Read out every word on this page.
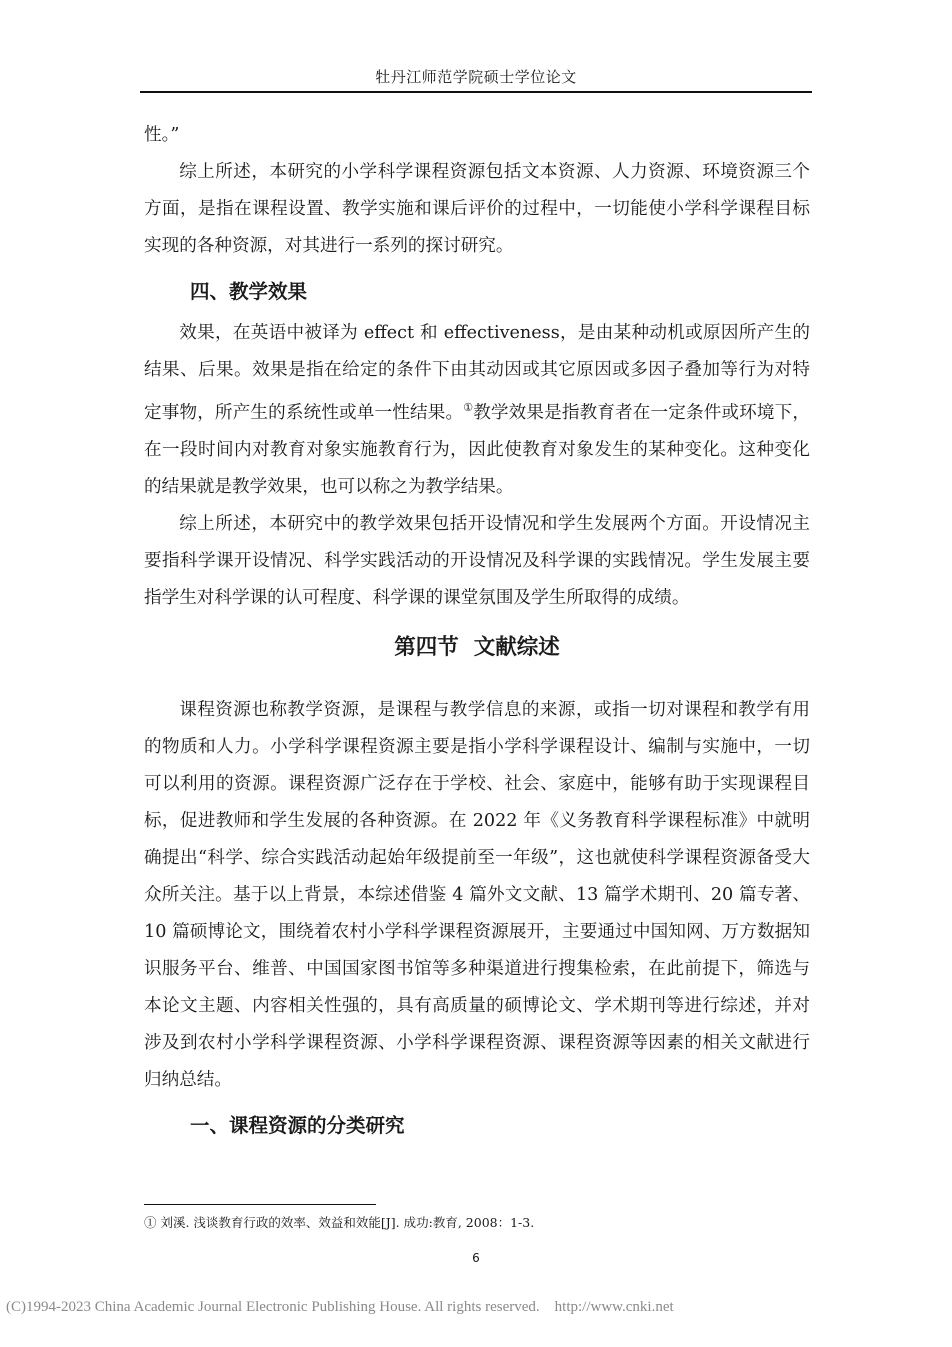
牡丹江师范学院硕士学位论文

性。”

综上所述，本研究的小学科学课程资源包括文本资源、人力资源、环境资源三个方面，是指在课程设置、教学实施和课后评价的过程中，一切能使小学科学课程目标实现的各种资源，对其进行一系列的探讨研究。

四、教学效果

效果，在英语中被译为 effect 和 effectiveness，是由某种动机或原因所产生的结果、后果。效果是指在给定的条件下由其动因或其它原因或多因子叠加等行为对特定事物，所产生的系统性或单一性结果。①教学效果是指教育者在一定条件或环境下，在一段时间内对教育对象实施教育行为，因此使教育对象发生的某种变化。这种变化的结果就是教学效果，也可以称之为教学结果。

综上所述，本研究中的教学效果包括开设情况和学生发展两个方面。开设情况主要指科学课开设情况、科学实践活动的开设情况及科学课的实践情况。学生发展主要指学生对科学课的认可程度、科学课的课堂氛围及学生所取得的成绩。

第四节  文献综述

课程资源也称教学资源，是课程与教学信息的来源，或指一切对课程和教学有用的物质和人力。小学科学课程资源主要是指小学科学课程设计、编制与实施中，一切可以利用的资源。课程资源广泛存在于学校、社会、家庭中，能够有助于实现课程目标，促进教师和学生发展的各种资源。在 2022 年《义务教育科学课程标准》中就明确提出“科学、综合实践活动起始年级提前至一年级”，这也就使科学课程资源备受大众所关注。基于以上背景，本综述借鉴 4 篇外文文献、13 篇学术期刊、20 篇专著、10 篇硕博论文，围绕着农村小学科学课程资源展开，主要通过中国知网、万方数据知识服务平台、维普、中国国家图书馆等多种渠道进行搜集检索，在此前提下，筛选与本论文主题、内容相关性强的，具有高质量的硕博论文、学术期刊等进行综述，并对涉及到农村小学科学课程资源、小学科学课程资源、课程资源等因素的相关文献进行归纳总结。

一、课程资源的分类研究
① 刘溪. 浅谈教育行政的效率、效益和效能[J]. 成功:教育, 2008：1-3.
6
(C)1994-2023 China Academic Journal Electronic Publishing House. All rights reserved.    http://www.cnki.net
